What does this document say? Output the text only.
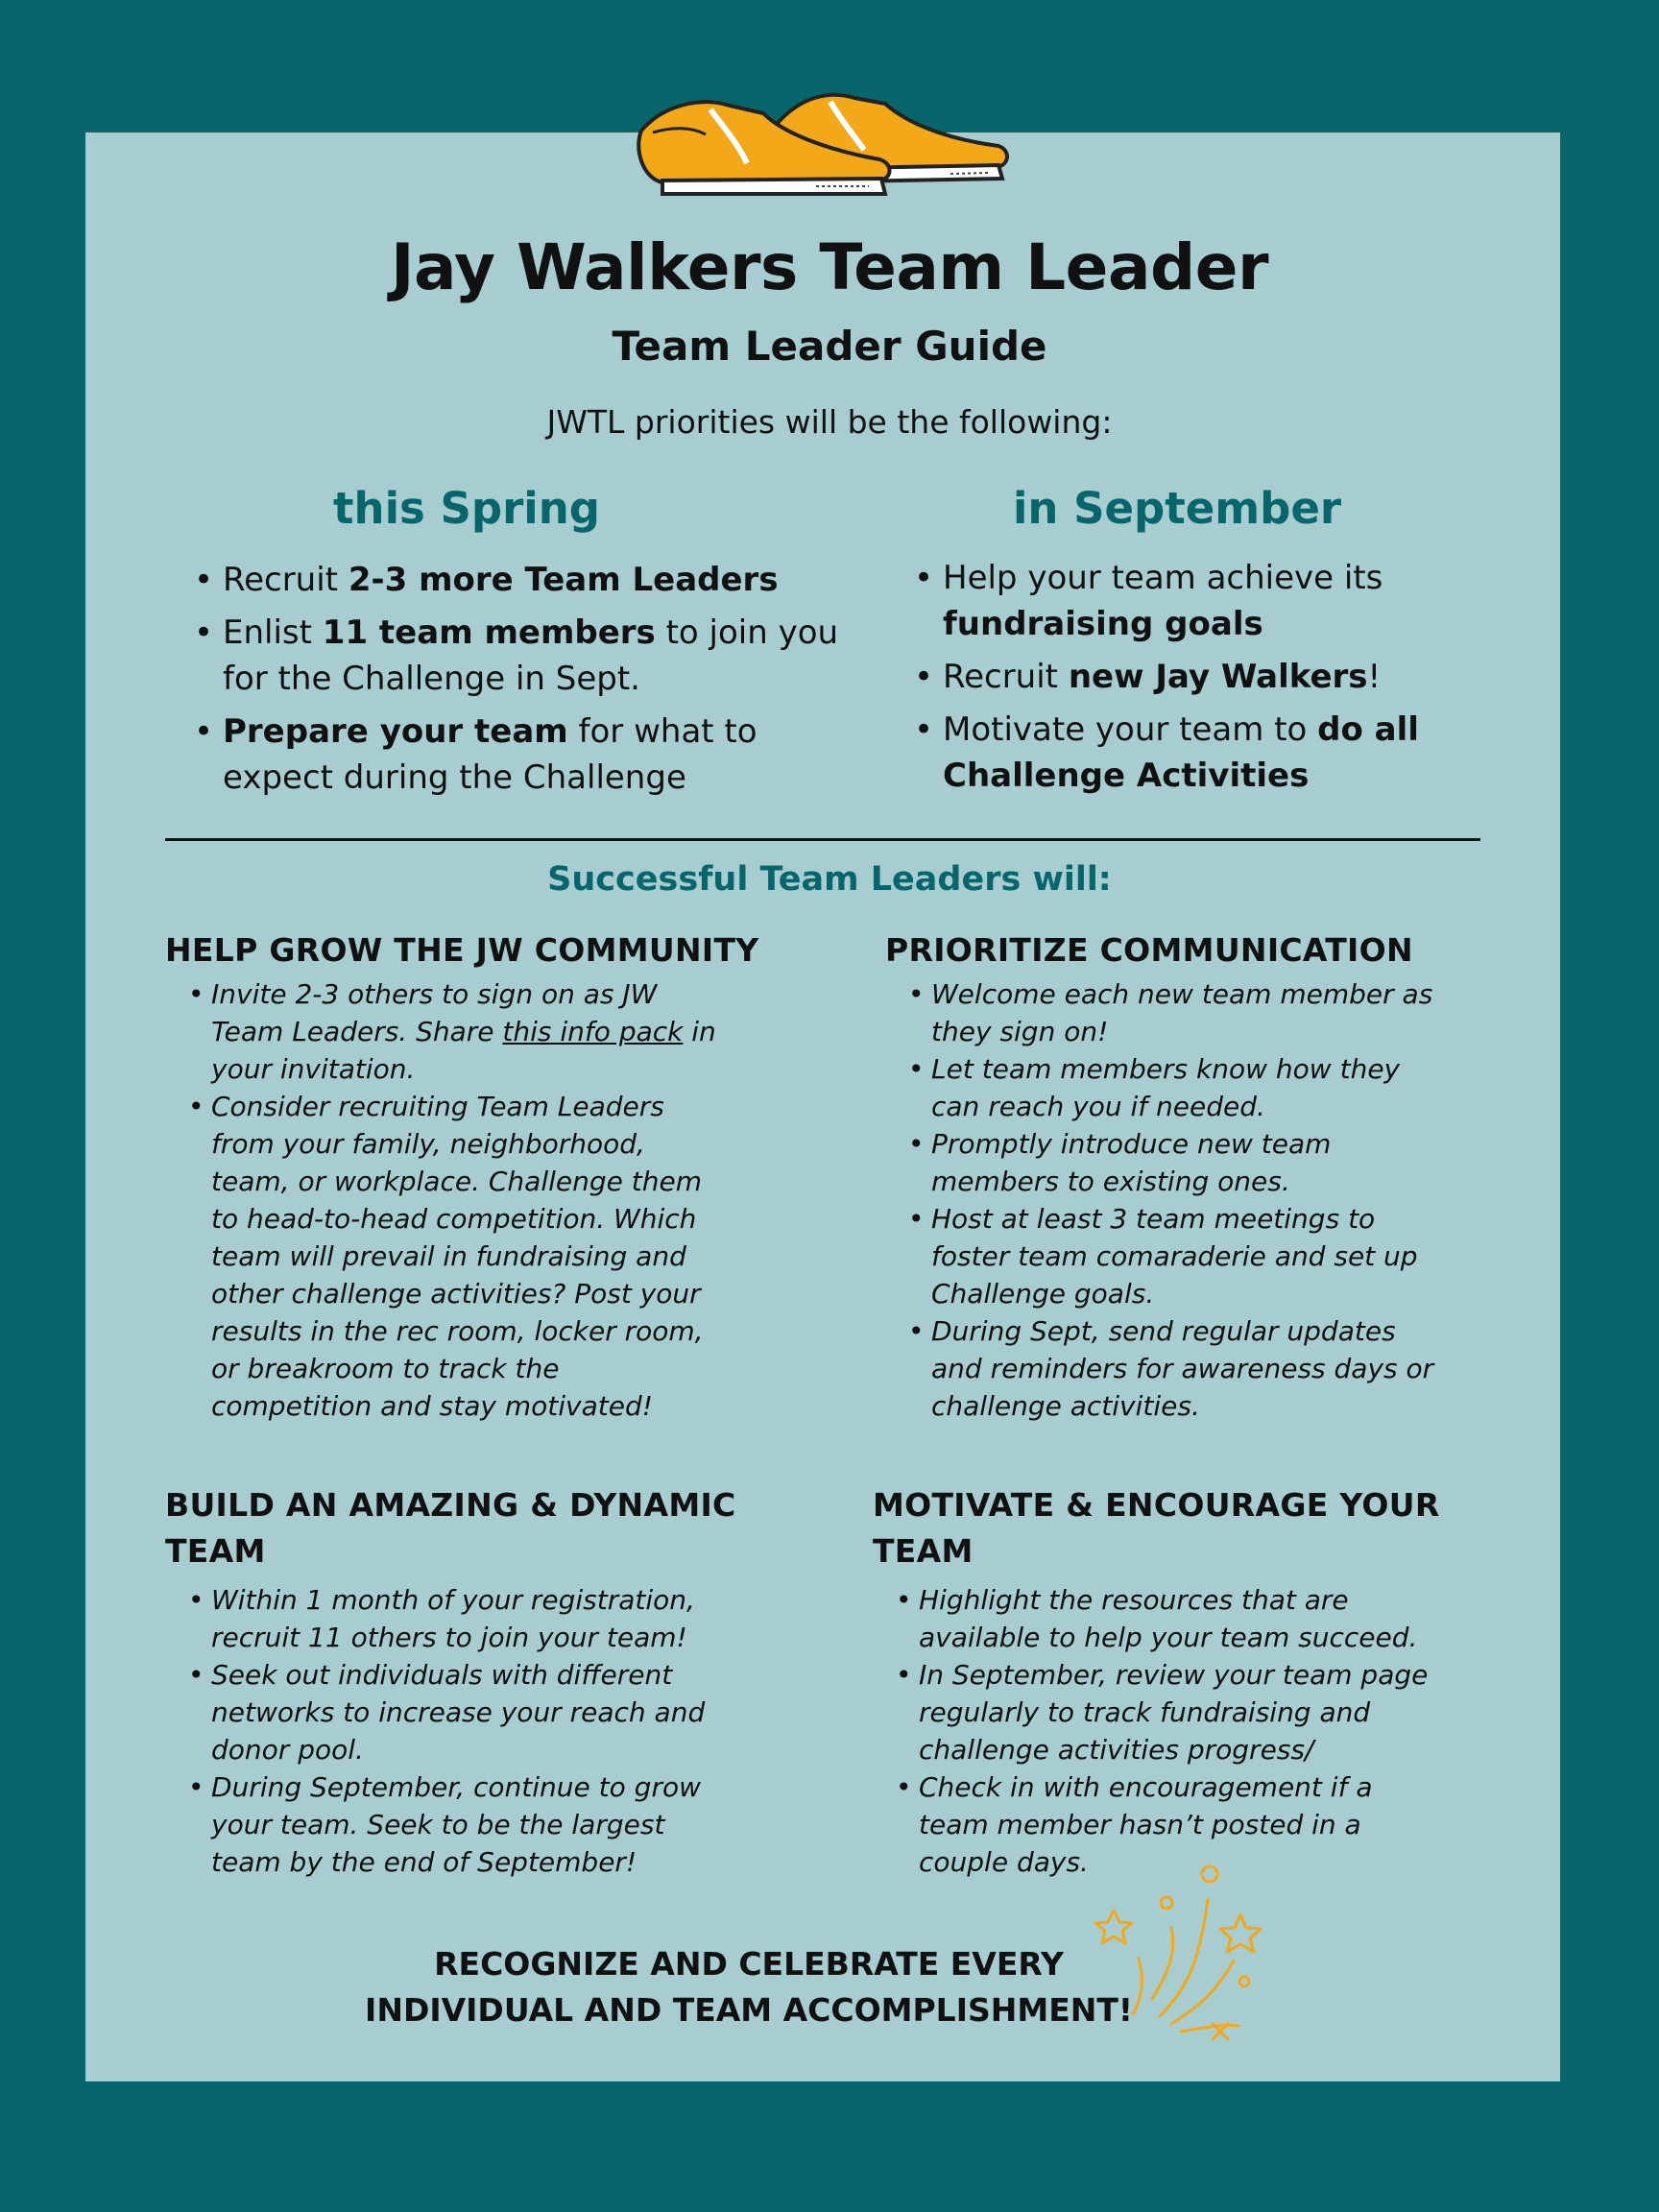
Jay Walkers Team Leader
Team Leader Guide
JWTL priorities will be the following:
this Spring
• Recruit 2-3 more Team Leaders
• Enlist 11 team members to join you for the Challenge in Sept.
• Prepare your team for what to expect during the Challenge
in September
• Help your team achieve its fundraising goals
• Recruit new Jay Walkers!
• Motivate your team to do all Challenge Activities
Successful Team Leaders will:
HELP GROW THE JW COMMUNITY
• Invite 2-3 others to sign on as JW Team Leaders. Share this info pack in your invitation.
• Consider recruiting Team Leaders from your family, neighborhood, team, or workplace. Challenge them to head-to-head competition. Which team will prevail in fundraising and other challenge activities? Post your results in the rec room, locker room, or breakroom to track the competition and stay motivated!
PRIORITIZE COMMUNICATION
• Welcome each new team member as they sign on!
• Let team members know how they can reach you if needed.
• Promptly introduce new team members to existing ones.
• Host at least 3 team meetings to foster team comaraderie and set up Challenge goals.
• During Sept, send regular updates and reminders for awareness days or challenge activities.
BUILD AN AMAZING & DYNAMIC TEAM
• Within 1 month of your registration, recruit 11 others to join your team!
• Seek out individuals with different networks to increase your reach and donor pool.
• During September, continue to grow your team. Seek to be the largest team by the end of September!
MOTIVATE & ENCOURAGE YOUR TEAM
• Highlight the resources that are available to help your team succeed.
• In September, review your team page regularly to track fundraising and challenge activities progress/
• Check in with encouragement if a team member hasn’t posted in a couple days.
RECOGNIZE AND CELEBRATE EVERY INDIVIDUAL AND TEAM ACCOMPLISHMENT!
